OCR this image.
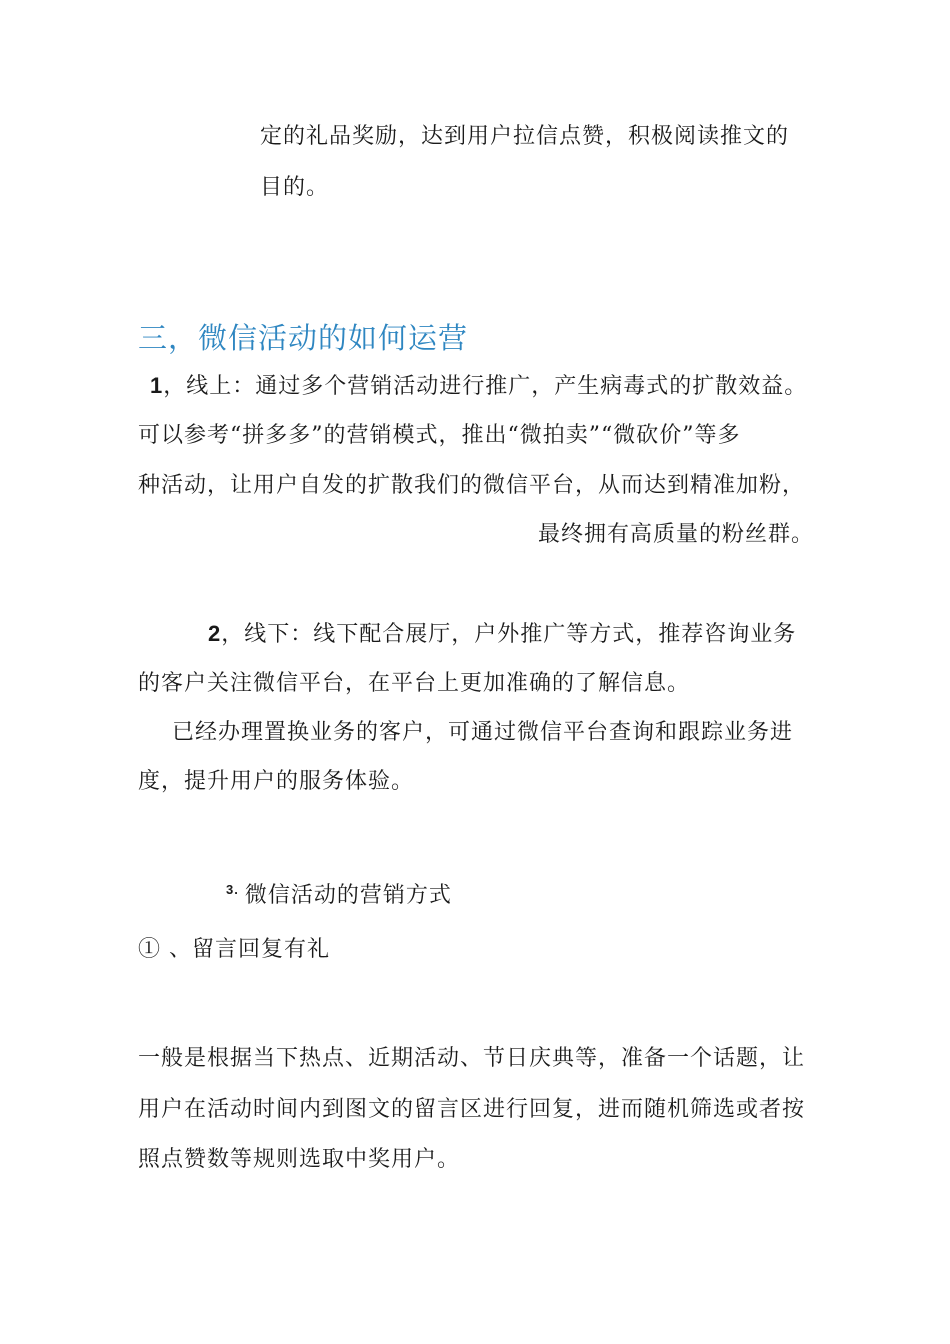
定的礼品奖励，达到用户拉信点赞，积极阅读推文的
目的。
三，微信活动的如何运营
1，线上：通过多个营销活动进行推广，产生病毒式的扩散效益。
可以参考“拼多多”的营销模式，推出“微拍卖”“微砍价”等多
种活动，让用户自发的扩散我们的微信平台，从而达到精准加粉，
最终拥有高质量的粉丝群。
2，线下：线下配合展厅，户外推广等方式，推荐咨询业务
的客户关注微信平台，在平台上更加准确的了解信息。
已经办理置换业务的客户，可通过微信平台查询和跟踪业务进
度，提升用户的服务体验。
$^{3.}$ 微信活动的营销方式
① 、留言回复有礼
一般是根据当下热点、近期活动、节日庆典等，准备一个话题，让
用户在活动时间内到图文的留言区进行回复，进而随机筛选或者按
照点赞数等规则选取中奖用户。
